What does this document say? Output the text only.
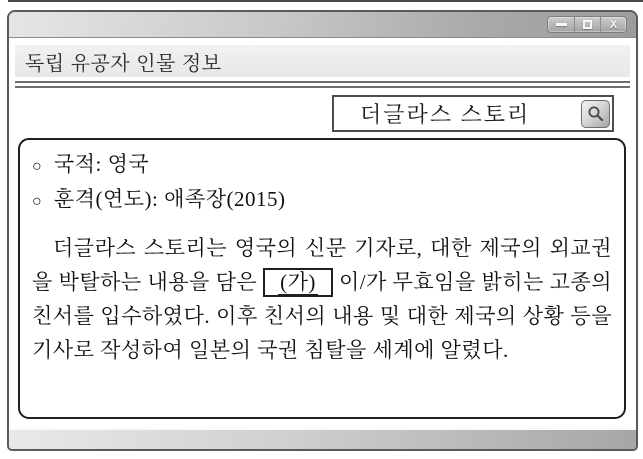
X
독립 유공자 인물 정보
더글라스 스토리
○ 국적: 영국
○ 훈격(연도): 애족장(2015)

더글라스 스토리는 영국의 신문 기자로, 대한 제국의 외교권을 박탈하는 내용을 담은 (가) 이/가 무효임을 밝히는 고종의 친서를 입수하였다. 이후 친서의 내용 및 대한 제국의 상황 등을 기사로 작성하여 일본의 국권 침탈을 세계에 알렸다.
